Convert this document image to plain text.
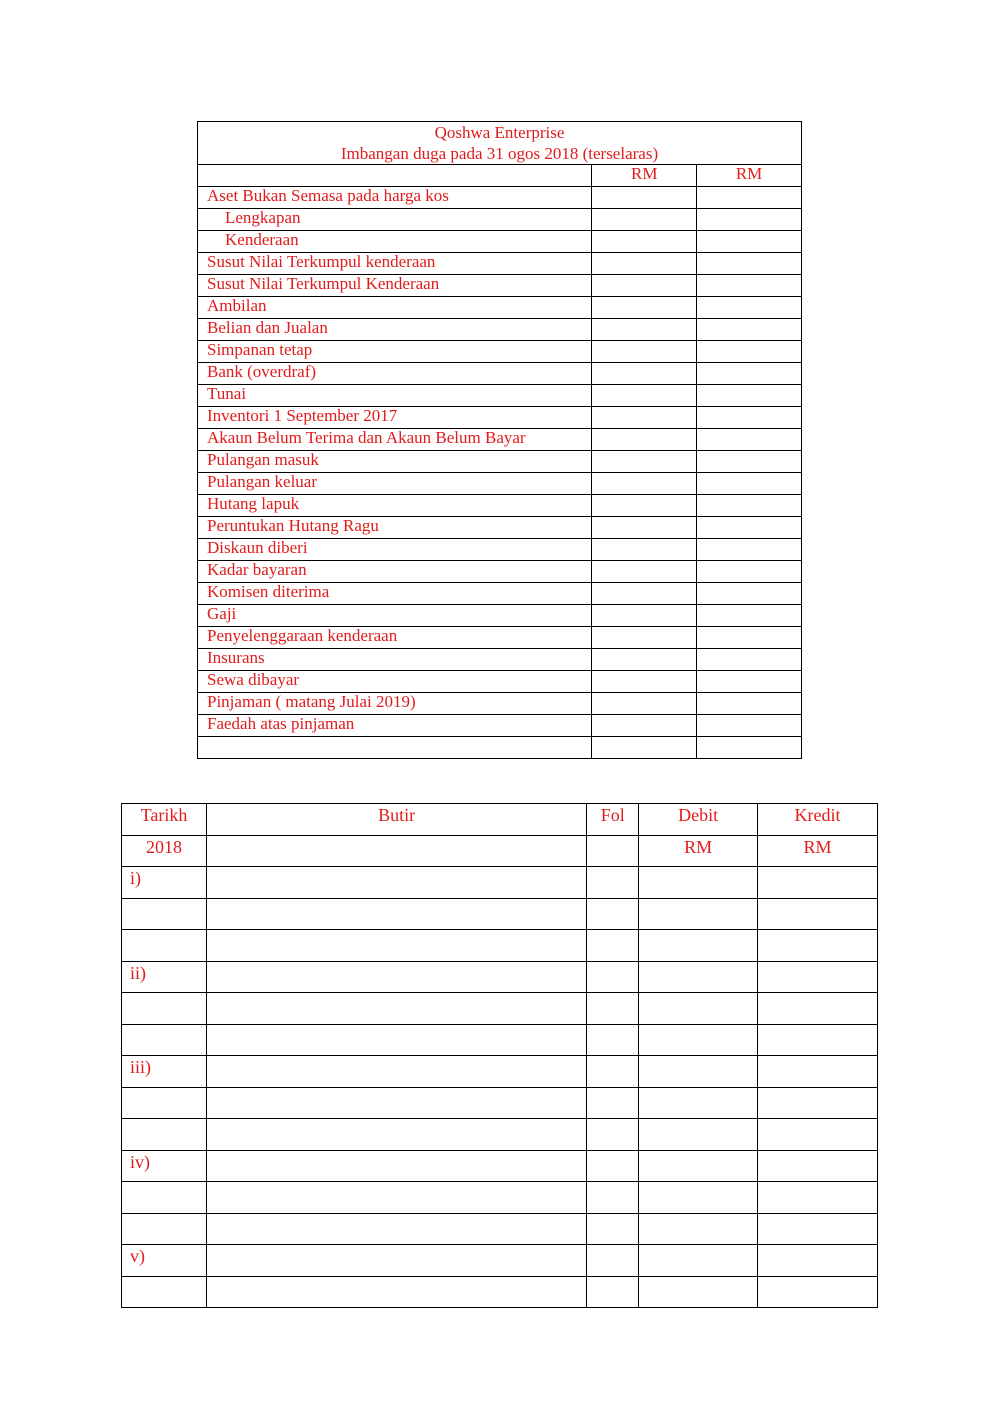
Qoshwa Enterprise
Imbangan duga pada 31 ogos 2018 (terselaras)		

	RM	RM
Aset Bukan Semasa pada harga kos		
Lengkapan		
Kenderaan		
Susut Nilai Terkumpul kenderaan		
Susut Nilai Terkumpul Kenderaan		
Ambilan		
Belian dan Jualan		
Simpanan tetap		
Bank (overdraf)		
Tunai		
Inventori 1 September 2017		
Akaun Belum Terima dan Akaun Belum Bayar		
Pulangan masuk		
Pulangan keluar		
Hutang lapuk		
Peruntukan Hutang Ragu		
Diskaun diberi		
Kadar bayaran		
Komisen diterima		
Gaji		
Penyelenggaraan kenderaan		
Insurans		
Sewa dibayar		
Pinjaman ( matang Julai 2019)		
Faedah atas pinjaman		

Tarikh	Butir	Fol	Debit	Kredit
2018			RM	RM
i)				

ii)				

iii)				

iv)				

v)				
